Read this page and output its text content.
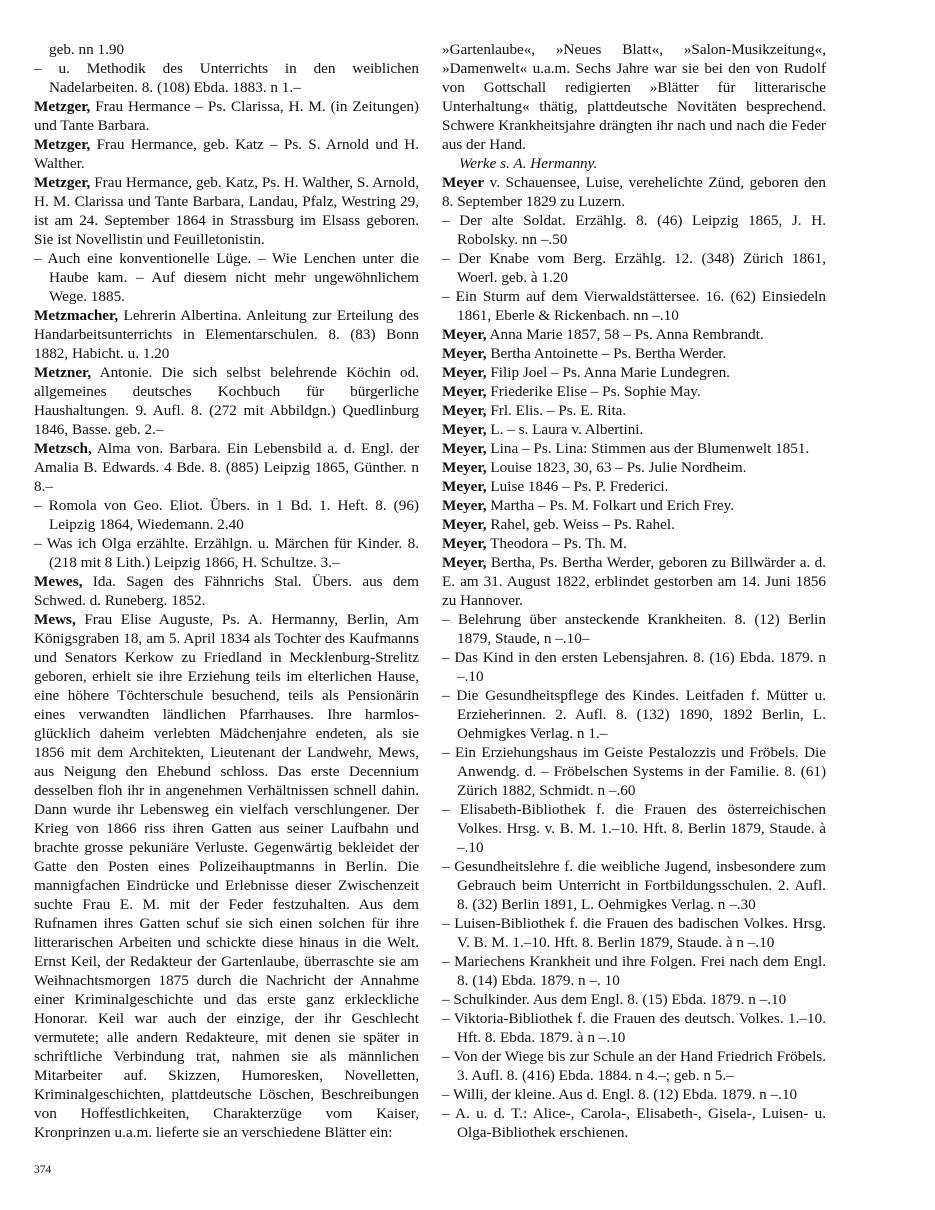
geb. nn 1.90

– u. Methodik des Unterrichts in den weiblichen Nadelarbeiten. 8. (108) Ebda. 1883. n 1.–

Metzger, Frau Hermance – Ps. Clarissa, H. M. (in Zeitungen) und Tante Barbara.

Metzger, Frau Hermance, geb. Katz – Ps. S. Arnold und H. Walther.

Metzger, Frau Hermance, geb. Katz, Ps. H. Walther, S. Arnold, H. M. Clarissa und Tante Barbara, Landau, Pfalz, Westring 29, ist am 24. September 1864 in Strassburg im Elsass geboren. Sie ist Novellistin und Feuilletonistin.

– Auch eine konventionelle Lüge. – Wie Lenchen unter die Haube kam. – Auf diesem nicht mehr ungewöhnlichem Wege. 1885.

Metzmacher, Lehrerin Albertina. Anleitung zur Erteilung des Handarbeitsunterrichts in Elementarschulen. 8. (83) Bonn 1882, Habicht. u. 1.20

Metzner, Antonie. Die sich selbst belehrende Köchin od. allgemeines deutsches Kochbuch für bürgerliche Haushaltungen. 9. Aufl. 8. (272 mit Abbildgn.) Quedlinburg 1846, Basse. geb. 2.–

Metzsch, Alma von. Barbara. Ein Lebensbild a. d. Engl. der Amalia B. Edwards. 4 Bde. 8. (885) Leipzig 1865, Günther. n 8.–

– Romola von Geo. Eliot. Übers. in 1 Bd. 1. Heft. 8. (96) Leipzig 1864, Wiedemann. 2.40

– Was ich Olga erzählte. Erzählgn. u. Märchen für Kinder. 8. (218 mit 8 Lith.) Leipzig 1866, H. Schultze. 3.–

Mewes, Ida. Sagen des Fähnrichs Stal. Übers. aus dem Schwed. d. Runeberg. 1852.

Mews, Frau Elise Auguste, Ps. A. Hermanny, Berlin, Am Königsgraben 18, am 5. April 1834 als Tochter des Kaufmanns und Senators Kerkow zu Friedland in Mecklenburg-Strelitz geboren, erhielt sie ihre Erziehung teils im elterlichen Hause, eine höhere Töchterschule besuchend, teils als Pensionärin eines verwandten ländlichen Pfarrhauses. Ihre harmlos-glücklich daheim verlebten Mädchenjahre endeten, als sie 1856 mit dem Architekten, Lieutenant der Landwehr, Mews, aus Neigung den Ehebund schloss. Das erste Decennium desselben floh ihr in angenehmen Verhältnissen schnell dahin. Dann wurde ihr Lebensweg ein vielfach verschlungener. Der Krieg von 1866 riss ihren Gatten aus seiner Laufbahn und brachte grosse pekuniäre Verluste. Gegenwärtig bekleidet der Gatte den Posten eines Polizeihauptmanns in Berlin. Die mannigfachen Eindrücke und Erlebnisse dieser Zwischenzeit suchte Frau E. M. mit der Feder festzuhalten. Aus dem Rufnamen ihres Gatten schuf sie sich einen solchen für ihre litterarischen Arbeiten und schickte diese hinaus in die Welt. Ernst Keil, der Redakteur der Gartenlaube, überraschte sie am Weihnachtsmorgen 1875 durch die Nachricht der Annahme einer Kriminalgeschichte und das erste ganz erkleckliche Honorar. Keil war auch der einzige, der ihr Geschlecht vermutete; alle andern Redakteure, mit denen sie später in schriftliche Verbindung trat, nahmen sie als männlichen Mitarbeiter auf. Skizzen, Humoresken, Novelletten, Kriminalgeschichten, plattdeutsche Löschen, Beschreibungen von Hoffestlichkeiten, Charakterzüge vom Kaiser, Kronprinzen u.a.m. lieferte sie an verschiedene Blätter ein:

»Gartenlaube«, »Neues Blatt«, »Salon-Musikzeitung«, »Damenwelt« u.a.m. Sechs Jahre war sie bei den von Rudolf von Gottschall redigierten »Blätter für litterarische Unterhaltung« thätig, plattdeutsche Novitäten besprechend. Schwere Krankheitsjahre drängten ihr nach und nach die Feder aus der Hand.

Werke s. A. Hermanny.

Meyer v. Schauensee, Luise, verehelichte Zünd, geboren den 8. September 1829 zu Luzern.

– Der alte Soldat. Erzählg. 8. (46) Leipzig 1865, J. H. Robolsky. nn –.50

– Der Knabe vom Berg. Erzählg. 12. (348) Zürich 1861, Woerl. geb. à 1.20

– Ein Sturm auf dem Vierwaldstättersee. 16. (62) Einsiedeln 1861, Eberle & Rickenbach. nn –.10

Meyer, Anna Marie 1857, 58 – Ps. Anna Rembrandt.

Meyer, Bertha Antoinette – Ps. Bertha Werder.

Meyer, Filip Joel – Ps. Anna Marie Lundegren.

Meyer, Friederike Elise – Ps. Sophie May.

Meyer, Frl. Elis. – Ps. E. Rita.

Meyer, L. – s. Laura v. Albertini.

Meyer, Lina – Ps. Lina: Stimmen aus der Blumenwelt 1851.

Meyer, Louise 1823, 30, 63 – Ps. Julie Nordheim.

Meyer, Luise 1846 – Ps. P. Frederici.

Meyer, Martha – Ps. M. Folkart und Erich Frey.

Meyer, Rahel, geb. Weiss – Ps. Rahel.

Meyer, Theodora – Ps. Th. M.

Meyer, Bertha, Ps. Bertha Werder, geboren zu Billwärder a. d. E. am 31. August 1822, erblindet gestorben am 14. Juni 1856 zu Hannover.

– Belehrung über ansteckende Krankheiten. 8. (12) Berlin 1879, Staude, n –.10–

– Das Kind in den ersten Lebensjahren. 8. (16) Ebda. 1879. n –.10

– Die Gesundheitspflege des Kindes. Leitfaden f. Mütter u. Erzieherinnen. 2. Aufl. 8. (132) 1890, 1892 Berlin, L. Oehmigkes Verlag. n 1.–

– Ein Erziehungshaus im Geiste Pestalozzis und Fröbels. Die Anwendg. d. – Fröbelschen Systems in der Familie. 8. (61) Zürich 1882, Schmidt. n –.60

– Elisabeth-Bibliothek f. die Frauen des österreichischen Volkes. Hrsg. v. B. M. 1.–10. Hft. 8. Berlin 1879, Staude. à –.10

– Gesundheitslehre f. die weibliche Jugend, insbesondere zum Gebrauch beim Unterricht in Fortbildungsschulen. 2. Aufl. 8. (32) Berlin 1891, L. Oehmigkes Verlag. n –.30

– Luisen-Bibliothek f. die Frauen des badischen Volkes. Hrsg. V. B. M. 1.–10. Hft. 8. Berlin 1879, Staude. à n –.10

– Mariechens Krankheit und ihre Folgen. Frei nach dem Engl. 8. (14) Ebda. 1879. n –. 10

– Schulkinder. Aus dem Engl. 8. (15) Ebda. 1879. n –.10

– Viktoria-Bibliothek f. die Frauen des deutsch. Volkes. 1.–10. Hft. 8. Ebda. 1879. à n –.10

– Von der Wiege bis zur Schule an der Hand Friedrich Fröbels. 3. Aufl. 8. (416) Ebda. 1884. n 4.–; geb. n 5.–

– Willi, der kleine. Aus d. Engl. 8. (12) Ebda. 1879. n –.10

– A. u. d. T.: Alice-, Carola-, Elisabeth-, Gisela-, Luisen- u. Olga-Bibliothek erschienen.

374
